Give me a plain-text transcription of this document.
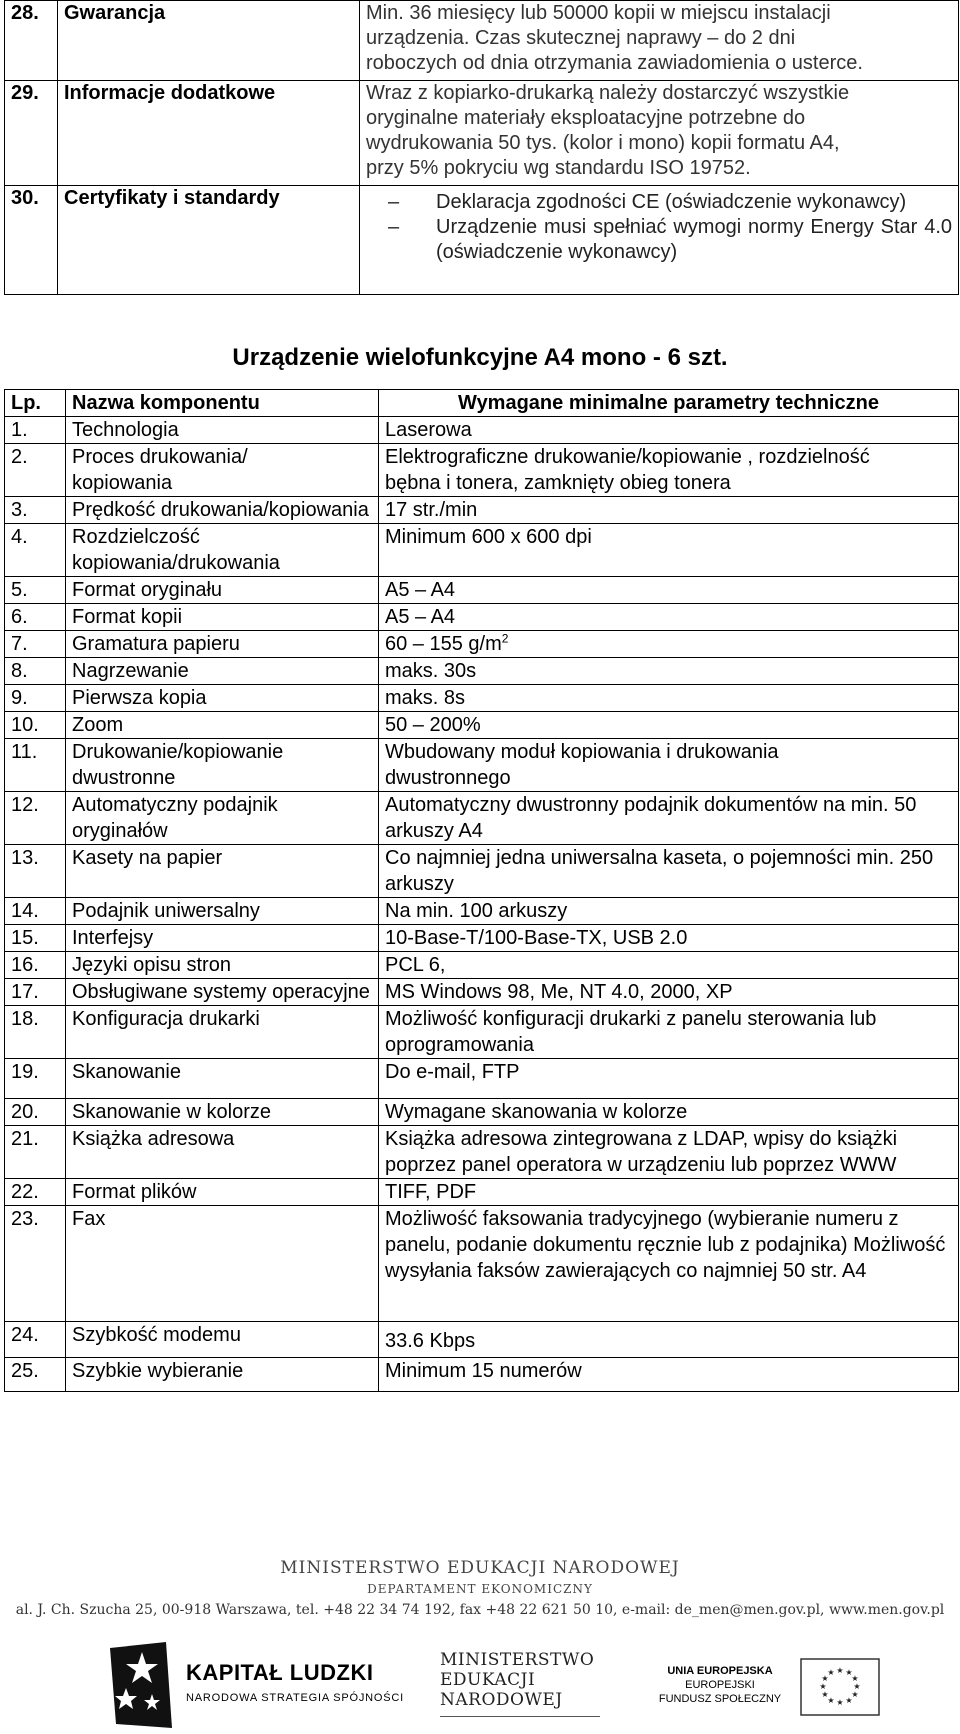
28.	Gwarancja	Min. 36 miesięcy lub 50000 kopii w miejscu instalacji
urządzenia. Czas skutecznej naprawy – do 2 dni
roboczych od dnia otrzymania zawiadomienia o usterce.

29.	Informacje dodatkowe	Wraz z kopiarko-drukarką należy dostarczyć wszystkie
oryginalne materiały eksploatacyjne potrzebne do
wydrukowania 50 tys. (kolor i mono) kopii formatu A4,
przy 5% pokryciu wg standardu ISO 19752.

30.	Certyfikaty i standardy	– Deklaracja zgodności CE (oświadczenie wykonawcy)
– Urządzenie musi spełniać wymogi normy Energy Star 4.0 (oświadczenie wykonawcy)
Urządzenie wielofunkcyjne A4 mono - 6 szt.
Lp.	Nazwa komponentu	Wymagane minimalne parametry techniczne
1.	Technologia	Laserowa
2.	Proces drukowania/ kopiowania	Elektrograficzne drukowanie/kopiowanie , rozdzielność bębna i tonera, zamknięty obieg tonera
3.	Prędkość drukowania/kopiowania	17 str./min
4.	Rozdzielczość kopiowania/drukowania	Minimum 600 x 600 dpi
5.	Format oryginału	A5 – A4
6.	Format kopii	A5 – A4
7.	Gramatura papieru	60 – 155 $g/m^2$
8.	Nagrzewanie	maks. 30s
9.	Pierwsza kopia	maks. 8s
10.	Zoom	50 – 200%
11.	Drukowanie/kopiowanie dwustronne	Wbudowany moduł kopiowania i drukowania dwustronnego
12.	Automatyczny podajnik oryginałów	Automatyczny dwustronny podajnik dokumentów na min. 50 arkuszy A4
13.	Kasety na papier	Co najmniej jedna uniwersalna kaseta, o pojemności min. 250 arkuszy
14.	Podajnik uniwersalny	Na min. 100 arkuszy
15.	Interfejsy	10-Base-T/100-Base-TX, USB 2.0
16.	Języki opisu stron	PCL 6,
17.	Obsługiwane systemy operacyjne	MS Windows 98, Me, NT 4.0, 2000, XP
18.	Konfiguracja drukarki	Możliwość konfiguracji drukarki z panelu sterowania lub oprogramowania
19.	Skanowanie	Do e-mail, FTP
20.	Skanowanie w kolorze	Wymagane skanowania w kolorze
21.	Książka adresowa	Książka adresowa zintegrowana z LDAP, wpisy do książki poprzez panel operatora w urządzeniu lub poprzez WWW
22.	Format plików	TIFF, PDF
23.	Fax	Możliwość faksowania tradycyjnego (wybieranie numeru z panelu, podanie dokumentu ręcznie lub z podajnika) Możliwość wysyłania faksów zawierających co najmniej 50 str. A4
24.	Szybkość modemu	33.6 Kbps
25.	Szybkie wybieranie	Minimum 15 numerów
MINISTERSTWO EDUKACJI NARODOWEJ
DEPARTAMENT EKONOMICZNY
al. J. Ch. Szucha 25, 00-918 Warszawa, tel. +48 22 34 74 192, fax +48 22 621 50 10, e-mail: de_men@men.gov.pl, www.men.gov.pl
KAPITAŁ LUDZKI
NARODOWA STRATEGIA SPÓJNOŚCI
MINISTERSTWO
EDUKACJI
NARODOWEJ
UNIA EUROPEJSKA
EUROPEJSKI
FUNDUSZ SPOŁECZNY
★ ★
★
★
★
★
★
★
★
★
★
★
